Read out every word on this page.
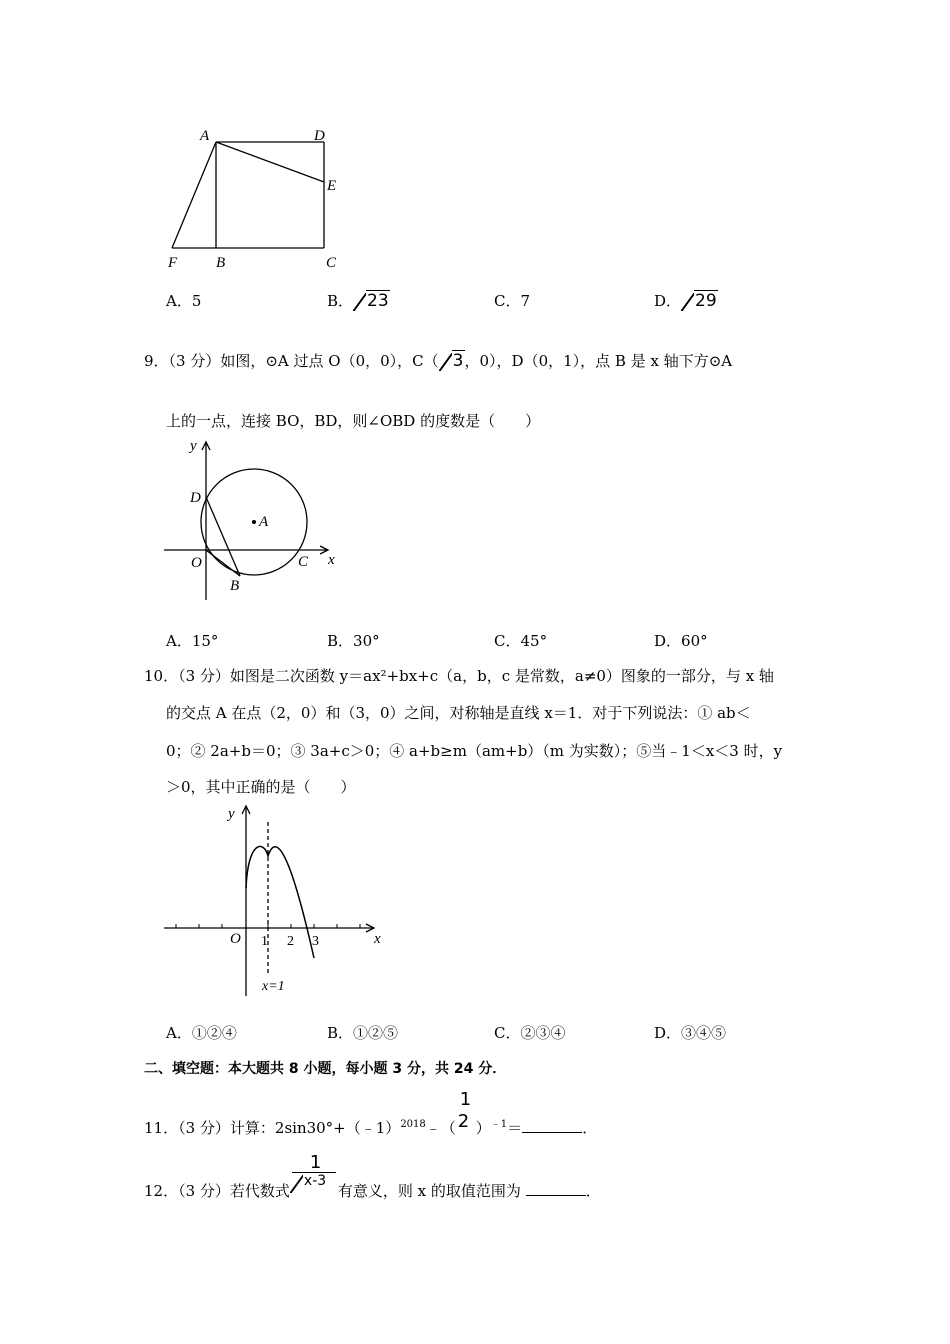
A	D
E
F	B	C
A．5	B． 23	C．7	D． 29
9．（3 分）如图，⊙A 过点 O（0，0），C（ 3，0），D（0，1），点 B 是 x 轴下方⊙A
上的一点，连接 BO，BD，则∠OBD 的度数是（　　）
y
D
A
O	C x
B
A．15°	B．30°	C．45°	D．60°
10．（3 分）如图是二次函数 y＝ax²+bx+c（a，b，c 是常数，a≠0）图象的一部分，与 x 轴
的交点 A 在点（2，0）和（3，0）之间，对称轴是直线 x＝1．对于下列说法：① ab＜
0；② 2a+b＝0；③ 3a+c＞0；④ a+b≥m（am+b）（m 为实数）；⑤当﹣1＜x＜3 时，y
＞0，其中正确的是（　　）
y
O 1 2 3	x
x=1
A．①②④	B．①②⑤	C．②③④	D．③④⑤
二、填空题：本大题共 8 小题，每小题 3 分，共 24 分．
11．（3 分）计算：2sin30°+（﹣1）$^{2018}$﹣（
1
2 ）$^{﹣1}$＝	．
12．（3 分）若代数式
1
x-3
有意义，则 x 的取值范围为	．
